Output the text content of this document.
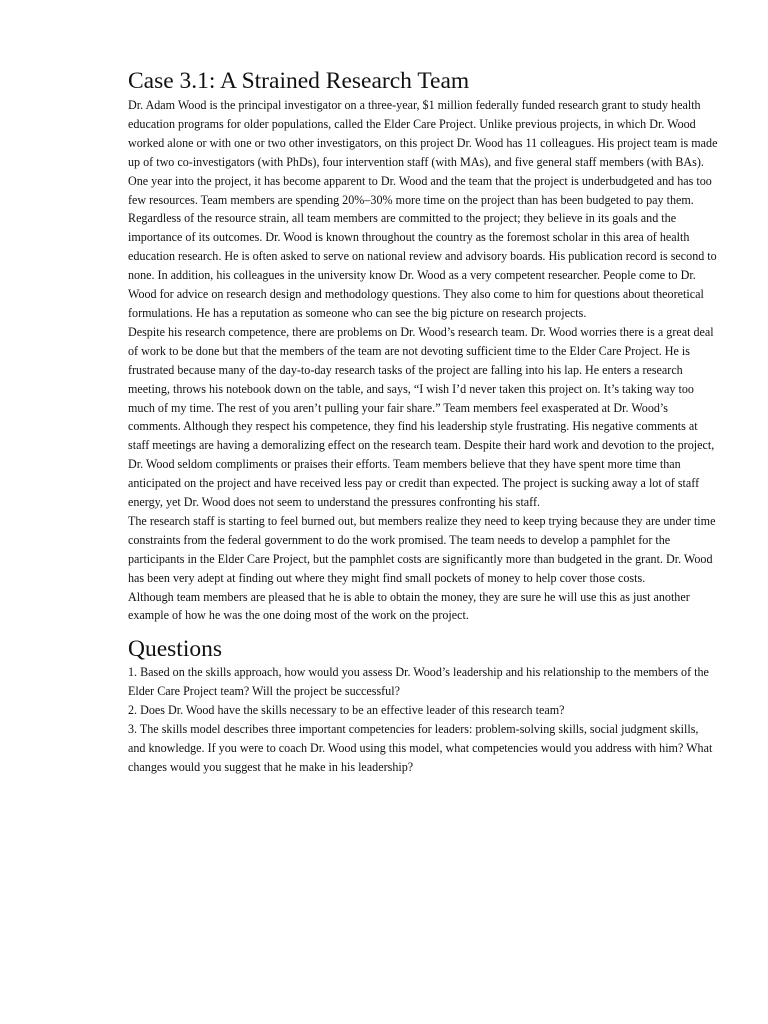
Case 3.1: A Strained Research Team

Dr. Adam Wood is the principal investigator on a three-year, $1 million federally funded research grant to study health education programs for older populations, called the Elder Care Project. Unlike previous projects, in which Dr. Wood worked alone or with one or two other investigators, on this project Dr. Wood has 11 colleagues. His project team is made up of two co-investigators (with PhDs), four intervention staff (with MAs), and five general staff members (with BAs). One year into the project, it has become apparent to Dr. Wood and the team that the project is underbudgeted and has too few resources. Team members are spending 20%–30% more time on the project than has been budgeted to pay them. Regardless of the resource strain, all team members are committed to the project; they believe in its goals and the importance of its outcomes. Dr. Wood is known throughout the country as the foremost scholar in this area of health education research. He is often asked to serve on national review and advisory boards. His publication record is second to none. In addition, his colleagues in the university know Dr. Wood as a very competent researcher. People come to Dr. Wood for advice on research design and methodology questions. They also come to him for questions about theoretical formulations. He has a reputation as someone who can see the big picture on research projects.

Despite his research competence, there are problems on Dr. Wood’s research team. Dr. Wood worries there is a great deal of work to be done but that the members of the team are not devoting sufficient time to the Elder Care Project. He is frustrated because many of the day-to-day research tasks of the project are falling into his lap. He enters a research meeting, throws his notebook down on the table, and says, “I wish I’d never taken this project on. It’s taking way too much of my time. The rest of you aren’t pulling your fair share.” Team members feel exasperated at Dr. Wood’s comments. Although they respect his competence, they find his leadership style frustrating. His negative comments at staff meetings are having a demoralizing effect on the research team. Despite their hard work and devotion to the project, Dr. Wood seldom compliments or praises their efforts. Team members believe that they have spent more time than anticipated on the project and have received less pay or credit than expected. The project is sucking away a lot of staff energy, yet Dr. Wood does not seem to understand the pressures confronting his staff.

The research staff is starting to feel burned out, but members realize they need to keep trying because they are under time constraints from the federal government to do the work promised. The team needs to develop a pamphlet for the participants in the Elder Care Project, but the pamphlet costs are significantly more than budgeted in the grant. Dr. Wood has been very adept at finding out where they might find small pockets of money to help cover those costs.

Although team members are pleased that he is able to obtain the money, they are sure he will use this as just another example of how he was the one doing most of the work on the project.

Questions

1. Based on the skills approach, how would you assess Dr. Wood’s leadership and his relationship to the members of the Elder Care Project team? Will the project be successful?

2. Does Dr. Wood have the skills necessary to be an effective leader of this research team?

3. The skills model describes three important competencies for leaders: problem-solving skills, social judgment skills, and knowledge. If you were to coach Dr. Wood using this model, what competencies would you address with him? What changes would you suggest that he make in his leadership?
